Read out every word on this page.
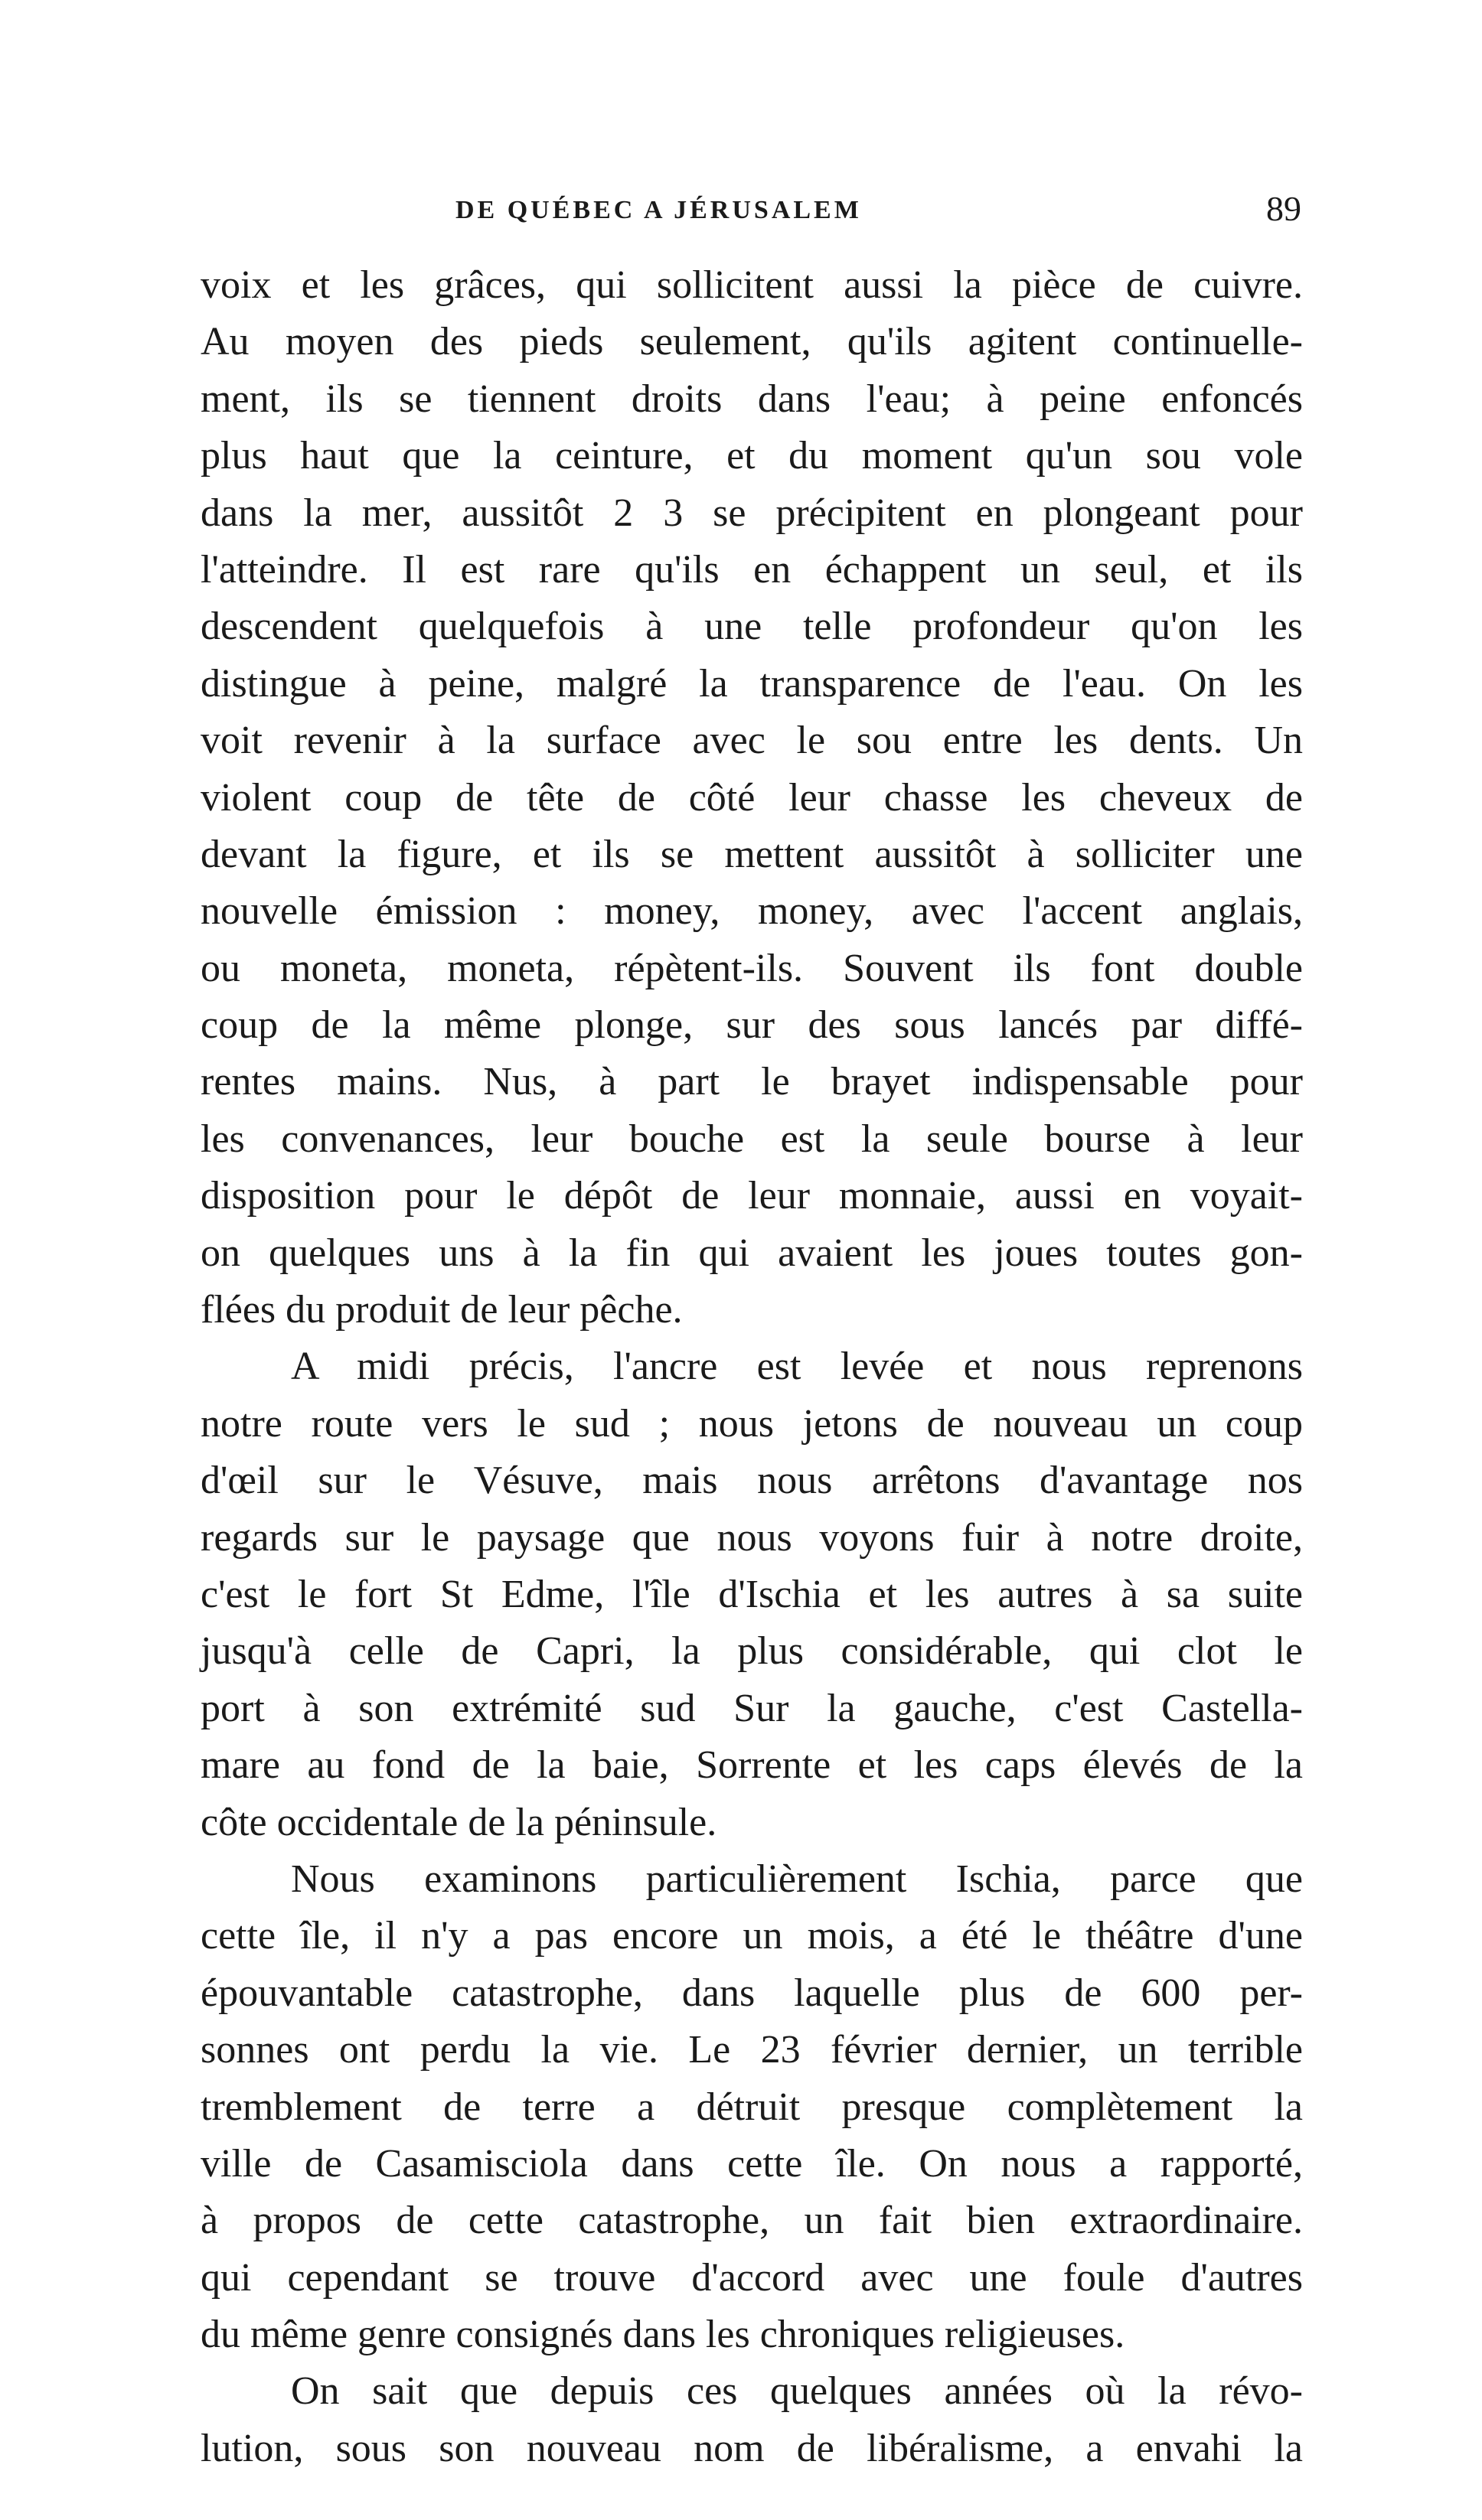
DE QUÉBEC A JÉRUSALEM	89
voix et les grâces, qui sollicitent aussi la pièce de cuivre.
Au moyen des pieds seulement, qu'ils agitent continuelle-
ment, ils se tiennent droits dans l'eau; à peine enfoncés
plus haut que la ceinture, et du moment qu'un sou vole
dans la mer, aussitôt 2 3 se précipitent en plongeant pour
l'atteindre. Il est rare qu'ils en échappent un seul, et ils
descendent quelquefois à une telle profondeur qu'on les
distingue à peine, malgré la transparence de l'eau. On les
voit revenir à la surface avec le sou entre les dents. Un
violent coup de tête de côté leur chasse les cheveux de
devant la figure, et ils se mettent aussitôt à solliciter une
nouvelle émission : money, money, avec l'accent anglais,
ou moneta, moneta, répètent-ils. Souvent ils font double
coup de la même plonge, sur des sous lancés par diffé-
rentes mains. Nus, à part le brayet indispensable pour
les convenances, leur bouche est la seule bourse à leur
disposition pour le dépôt de leur monnaie, aussi en voyait-
on quelques uns à la fin qui avaient les joues toutes gon-
flées du produit de leur pêche.
A midi précis, l'ancre est levée et nous reprenons
notre route vers le sud ; nous jetons de nouveau un coup
d'œil sur le Vésuve, mais nous arrêtons d'avantage nos
regards sur le paysage que nous voyons fuir à notre droite,
c'est le fort St Edme, l'île d'Ischia et les autres à sa suite
jusqu'à celle de Capri, la plus considérable, qui clot le
port à son extrémité sud Sur la gauche, c'est Castella-
mare au fond de la baie, Sorrente et les caps élevés de la
côte occidentale de la péninsule.
Nous examinons particulièrement Ischia, parce que
cette île, il n'y a pas encore un mois, a été le théâtre d'une
épouvantable catastrophe, dans laquelle plus de 600 per-
sonnes ont perdu la vie. Le 23 février dernier, un terrible
tremblement de terre a détruit presque complètement la
ville de Casamisciola dans cette île. On nous a rapporté,
à propos de cette catastrophe, un fait bien extraordinaire.
qui cependant se trouve d'accord avec une foule d'autres
du même genre consignés dans les chroniques religieuses.
On sait que depuis ces quelques années où la révo-
lution, sous son nouveau nom de libéralisme, a envahi la
